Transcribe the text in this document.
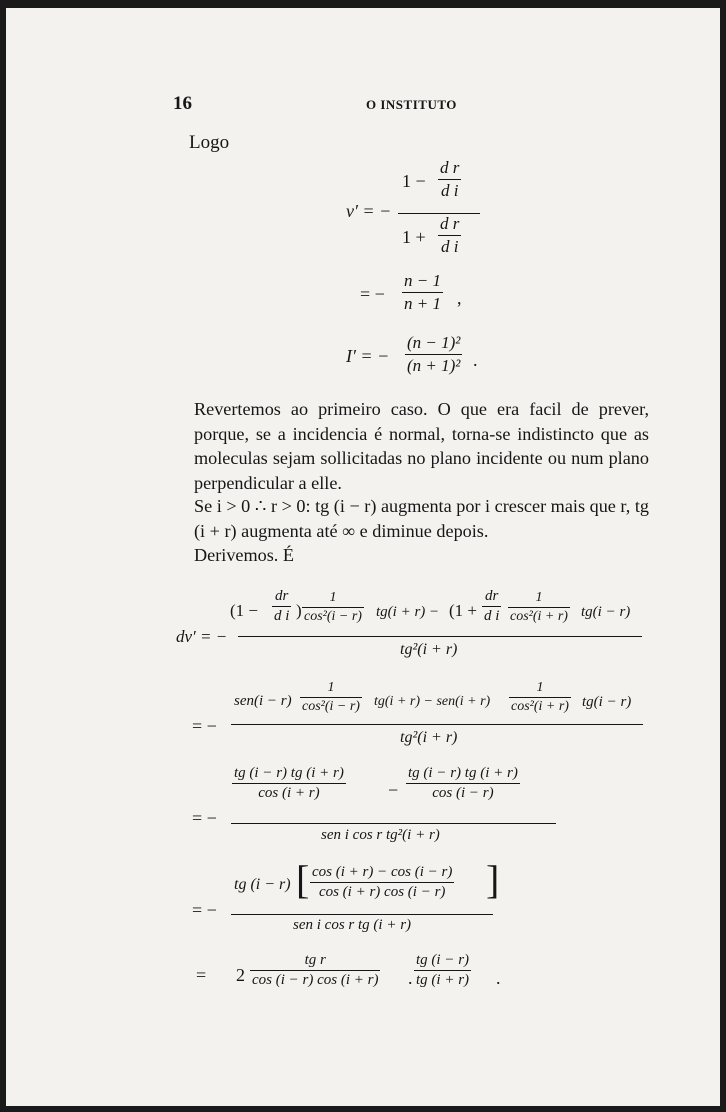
16	O INSTITUTO
Logo
v′ = −
1 −
d r
d i
1 +
d r
d i
= −
n − 1
n + 1 ,
I′ = −
(n − 1)²
(n + 1)² .
Revertemos ao primeiro caso. O que era facil de prever, porque, se a incidencia é normal, torna-se indistincto que as moleculas sejam sollicitadas no plano incidente ou num plano perpendicular a elle.
Se i > 0 ∴ r > 0: tg (i − r) augmenta por i crescer mais que r, tg (i + r) augmenta até ∞ e diminue depois.
Derivemos. É
dv′ = −
(1 −
dr
d i )
1
cos²(i − r) tg(i + r) − (1 +
dr
d i
1
cos²(i + r) tg(i − r)
tg²(i + r)
= −
sen(i − r)
1
cos²(i − r) tg(i + r) − sen(i + r)
1
cos²(i + r) tg(i − r)
tg²(i + r)
= −
tg (i − r) tg (i + r)
cos (i + r)	−
tg (i − r) tg (i + r)
cos (i − r)
sen i cos r tg²(i + r)
= −
tg (i − r) [ cos (i + r) − cos (i − r)
cos (i + r) cos (i − r) ]
sen i cos r tg (i + r)
= 2
tg r
cos (i − r) cos (i + r) .
tg (i − r)
tg (i + r) .
